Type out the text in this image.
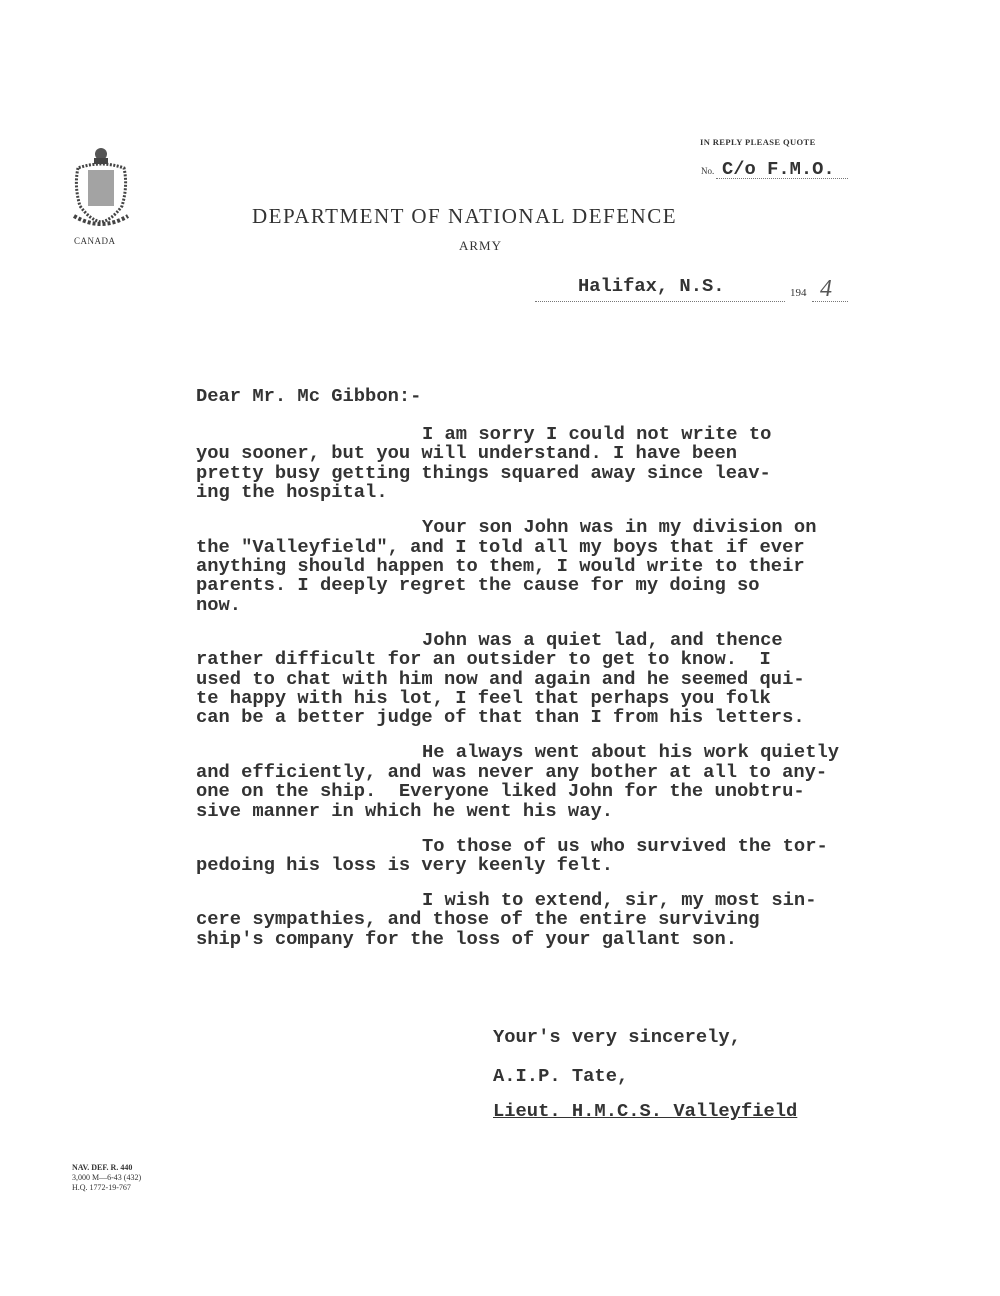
CANADA
IN REPLY PLEASE QUOTE
No. C/o F.M.O.
DEPARTMENT OF NATIONAL DEFENCE
ARMY
Halifax, N.S.	194 4
Dear Mr. Mc Gibbon:-
I am sorry I could not write to
you sooner, but you will understand. I have been
pretty busy getting things squared away since leav-
ing the hospital.
Your son John was in my division on
the "Valleyfield", and I told all my boys that if ever
anything should happen to them, I would write to their
parents. I deeply regret the cause for my doing so
now.
John was a quiet lad, and thence
rather difficult for an outsider to get to know.  I
used to chat with him now and again and he seemed qui-
te happy with his lot, I feel that perhaps you folk
can be a better judge of that than I from his letters.
He always went about his work quietly
and efficiently, and was never any bother at all to any-
one on the ship.  Everyone liked John for the unobtru-
sive manner in which he went his way.
To those of us who survived the tor-
pedoing his loss is very keenly felt.
I wish to extend, sir, my most sin-
cere sympathies, and those of the entire surviving
ship's company for the loss of your gallant son.
Your's very sincerely,
A.I.P. Tate,
Lieut. H.M.C.S. Valleyfield
NAV. DEF. R. 440
3,000 M—6-43 (432)
H.Q. 1772-19-767
